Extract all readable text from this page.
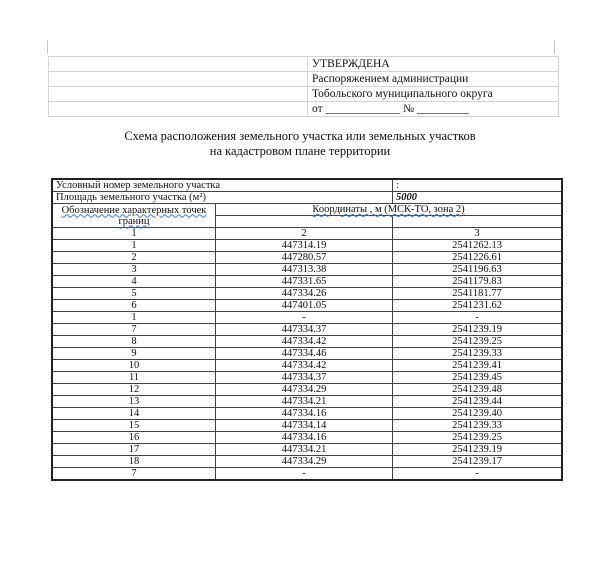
	УТВЕРЖДЕНА
	Распоряжением администрации
	Тобольского муниципального округа
	от _____________ № _________
Схема расположения земельного участка или земельных участков
на кадастровом плане территории
Условный номер земельного участка		:
Площадь земельного участка (м²)		5000
Обозначение характерных точек границ	Координаты , м (МСК-ТО, зона 2)	

1	2	3
1	447314.19	2541262.13
2	447280.57	2541226.61
3	447313.38	2541196.63
4	447331.65	2541179.83
5	447334.26	2541181.77
6	447401.05	2541231.62
1	-	-
7	447334.37	2541239.19
8	447334.42	2541239.25
9	447334.46	2541239.33
10	447334.42	2541239.41
11	447334.37	2541239.45
12	447334.29	2541239.48
13	447334.21	2541239.44
14	447334.16	2541239.40
15	447334.14	2541239.33
16	447334.16	2541239.25
17	447334.21	2541239.19
18	447334.29	2541239.17
7	-	-
